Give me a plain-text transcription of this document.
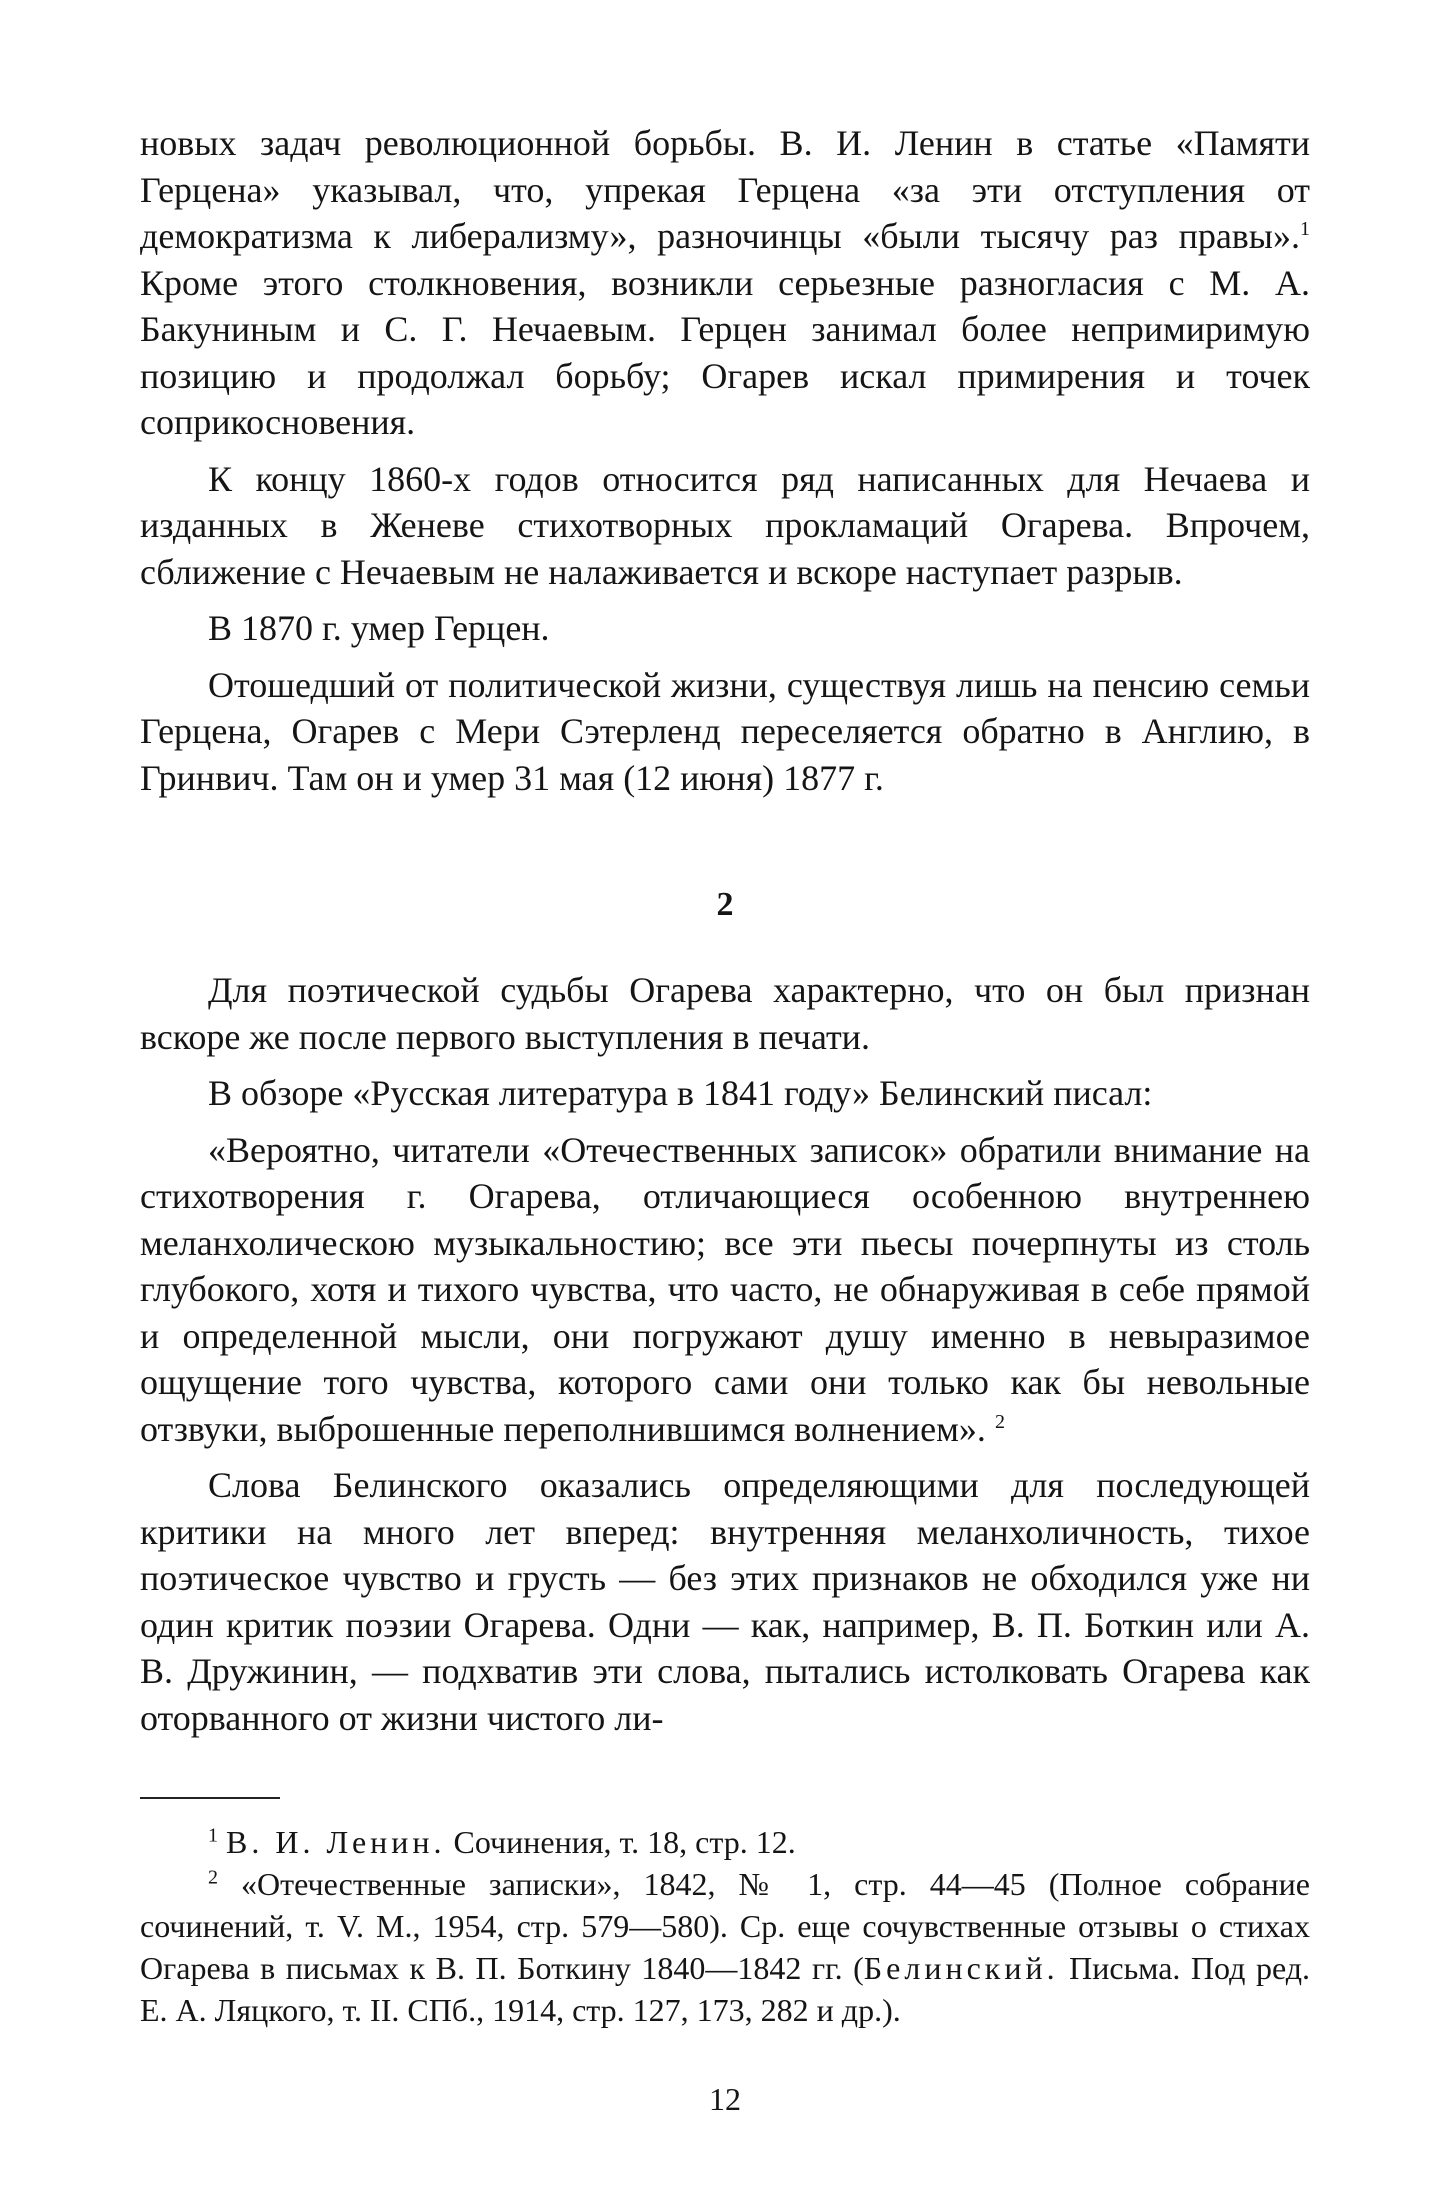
новых задач революционной борьбы. В. И. Ленин в статье «Памяти Герцена» указывал, что, упрекая Герцена «за эти отступления от демократизма к либерализму», разночинцы «были тысячу раз правы».$^1$ Кроме этого столкновения, возникли серьезные разногласия с М. А. Бакуниным и С. Г. Нечаевым. Герцен занимал более непримиримую позицию и продолжал борьбу; Огарев искал примирения и точек соприкосновения.

К концу 1860-х годов относится ряд написанных для Нечаева и изданных в Женеве стихотворных прокламаций Огарева. Впрочем, сближение с Нечаевым не налаживается и вскоре наступает разрыв.

В 1870 г. умер Герцен.

Отошедший от политической жизни, существуя лишь на пенсию семьи Герцена, Огарев с Мери Сэтерленд переселяется обратно в Англию, в Гринвич. Там он и умер 31 мая (12 июня) 1877 г.

2

Для поэтической судьбы Огарева характерно, что он был признан вскоре же после первого выступления в печати.

В обзоре «Русская литература в 1841 году» Белинский писал:

«Вероятно, читатели «Отечественных записок» обратили внимание на стихотворения г. Огарева, отличающиеся особенною внутреннею меланхолическою музыкальностию; все эти пьесы почерпнуты из столь глубокого, хотя и тихого чувства, что часто, не обнаруживая в себе прямой и определенной мысли, они погружают душу именно в невыразимое ощущение того чувства, которого сами они только как бы невольные отзвуки, выброшенные переполнившимся волнением». $^2$

Слова Белинского оказались определяющими для последующей критики на много лет вперед: внутренняя меланхоличность, тихое поэтическое чувство и грусть — без этих признаков не обходился уже ни один критик поэзии Огарева. Одни — как, например, В. П. Боткин или А. В. Дружинин, — подхватив эти слова, пытались истолковать Огарева как оторванного от жизни чистого ли-

$^1$ В. И. Ленин. Сочинения, т. 18, стр. 12.

$^2$ «Отечественные записки», 1842, № 1, стр. 44—45 (Полное собрание сочинений, т. V. М., 1954, стр. 579—580). Ср. еще сочувственные отзывы о стихах Огарева в письмах к В. П. Боткину 1840—1842 гг. (Белинский. Письма. Под ред. Е. А. Ляцкого, т. II. СПб., 1914, стр. 127, 173, 282 и др.).

12
